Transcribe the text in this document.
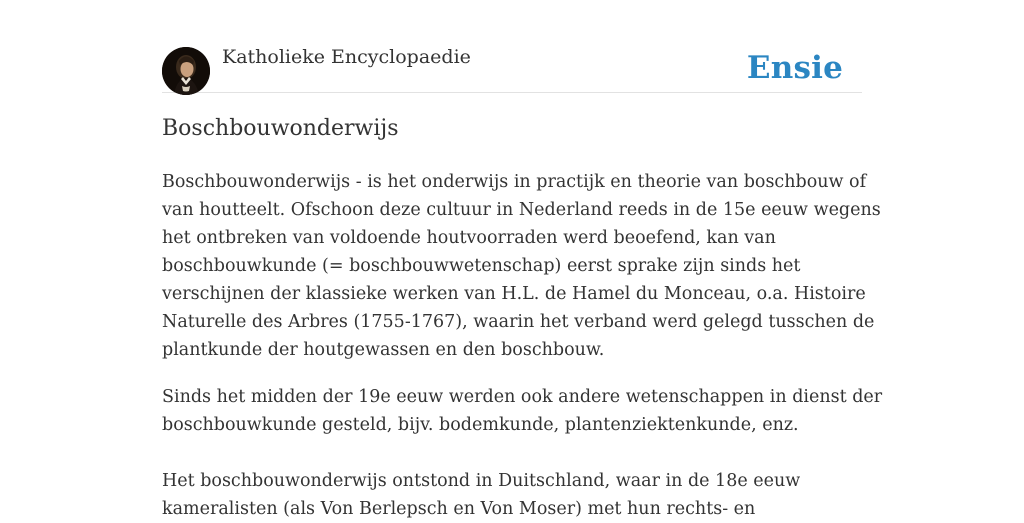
Katholieke Encyclopaedie	Ensie
Boschbouwonderwijs

Boschbouwonderwijs - is het onderwijs in practijk en theorie van boschbouw of
van houtteelt. Ofschoon deze cultuur in Nederland reeds in de 15e eeuw wegens
het ontbreken van voldoende houtvoorraden werd beoefend, kan van
boschbouwkunde (= boschbouwwetenschap) eerst sprake zijn sinds het
verschijnen der klassieke werken van H.L. de Hamel du Monceau, o.a. Histoire
Naturelle des Arbres (1755-1767), waarin het verband werd gelegd tusschen de
plantkunde der houtgewassen en den boschbouw.

Sinds het midden der 19e eeuw werden ook andere wetenschappen in dienst der
boschbouwkunde gesteld, bijv. bodemkunde, plantenziektenkunde, enz.

Het boschbouwonderwijs ontstond in Duitschland, waar in de 18e eeuw
kameralisten (als Von Berlepsch en Von Moser) met hun rechts- en
